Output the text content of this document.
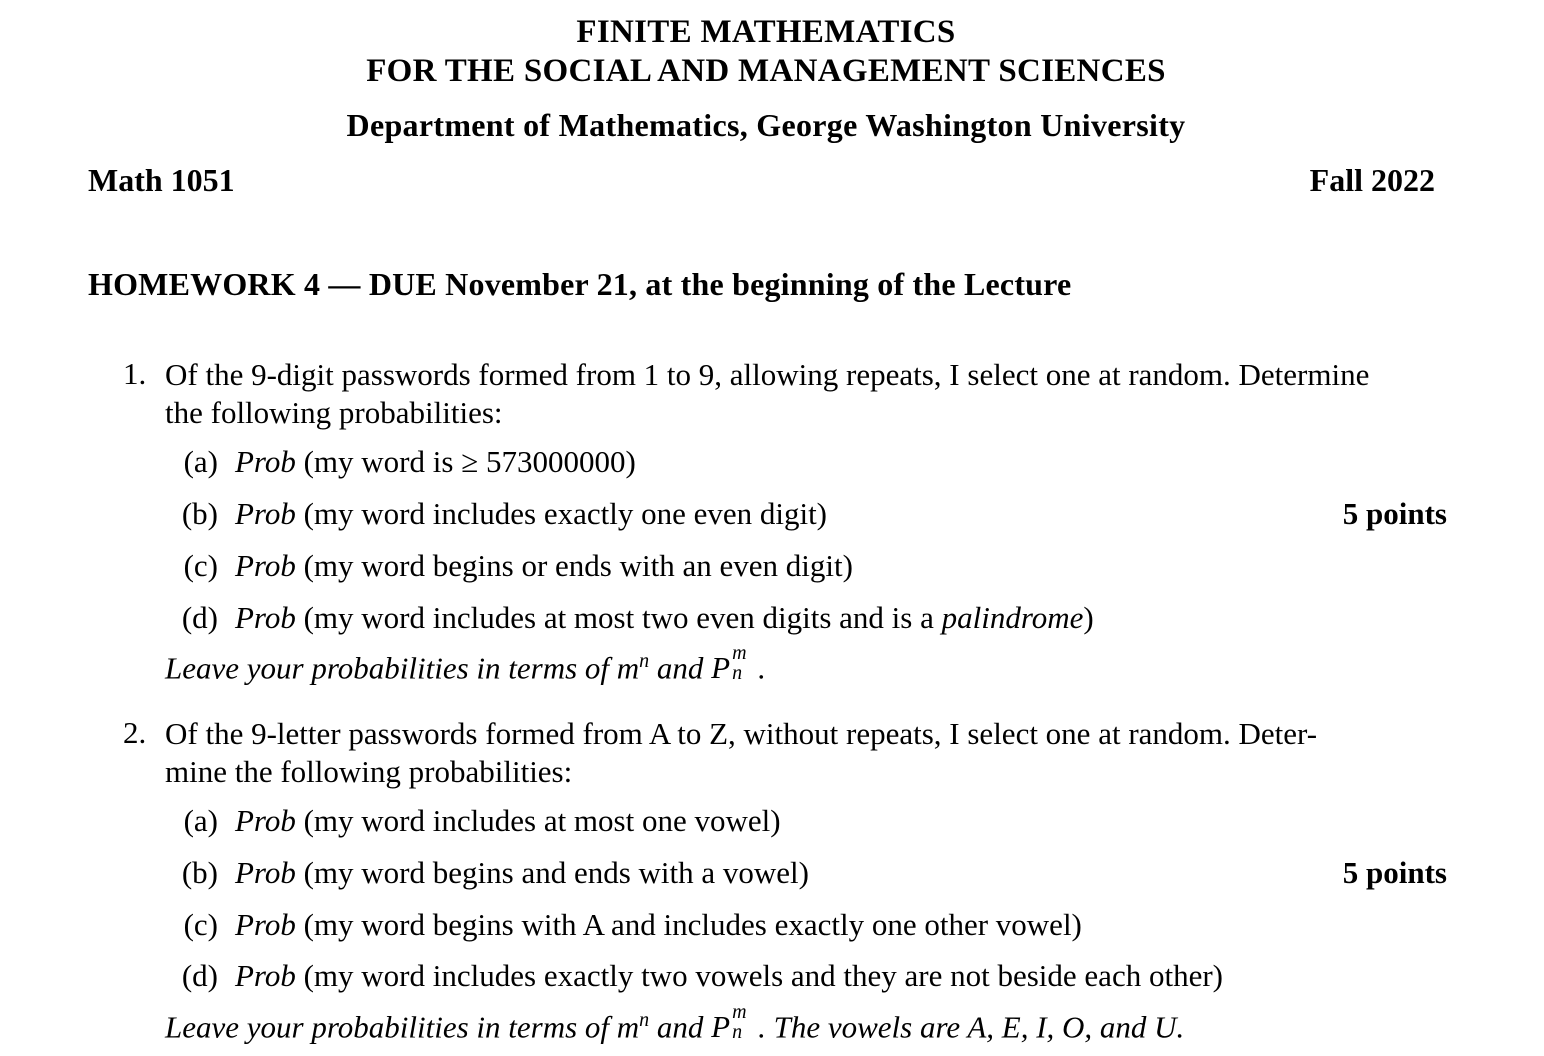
FINITE MATHEMATICS
FOR THE SOCIAL AND MANAGEMENT SCIENCES
Department of Mathematics, George Washington University
Math 1051	Fall 2022
HOMEWORK 4 — DUE November 21, at the beginning of the Lecture
1. Of the 9-digit passwords formed from 1 to 9, allowing repeats, I select one at random. Determine
the following probabilities:
(a) Prob (my word is ≥ 573000000)
(b) Prob (my word includes exactly one even digit)	5 points
(c) Prob (my word begins or ends with an even digit)
(d) Prob (my word includes at most two even digits and is a palindrome)
Leave your probabilities in terms of $m^n$ and P m
n .
2. Of the 9-letter passwords formed from A to Z, without repeats, I select one at random. Deter-
mine the following probabilities:
(a) Prob (my word includes at most one vowel)
(b) Prob (my word begins and ends with a vowel)	5 points
(c) Prob (my word begins with A and includes exactly one other vowel)
(d) Prob (my word includes exactly two vowels and they are not beside each other)
Leave your probabilities in terms of $m^n$ and P m
n . The vowels are A, E, I, O, and U.
